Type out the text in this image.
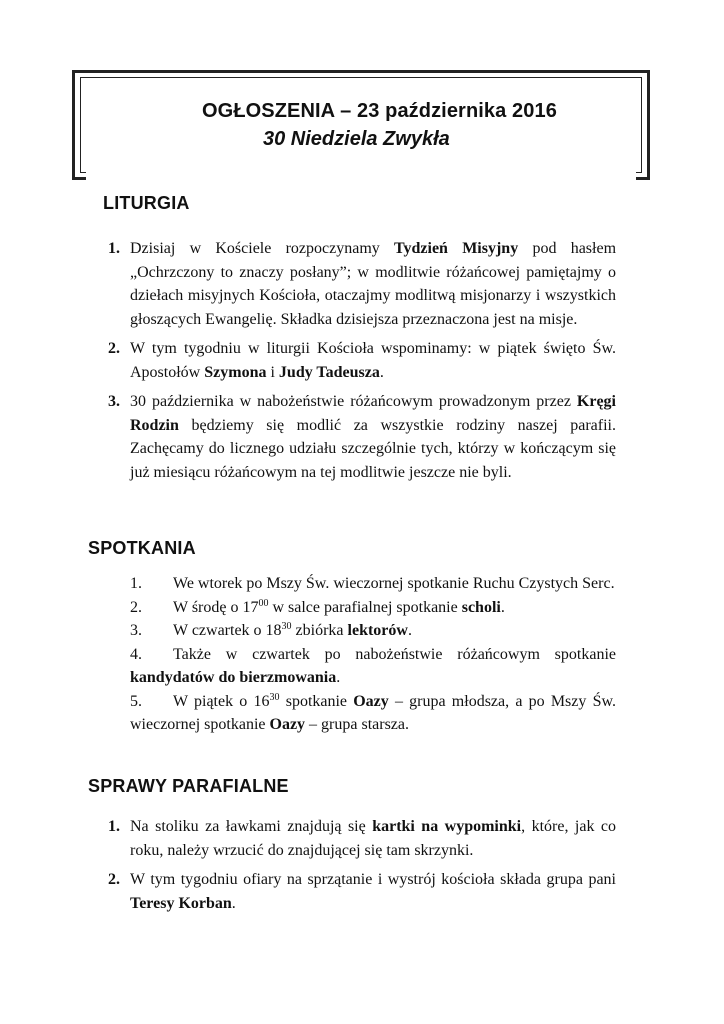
OGŁOSZENIA – 23 października 2016
30 Niedziela Zwykła
LITURGIA
1. Dzisiaj w Kościele rozpoczynamy Tydzień Misyjny pod hasłem „Ochrzczony to znaczy posłany”; w modlitwie różańcowej pamiętajmy o dziełach misyjnych Kościoła, otaczajmy modlitwą misjonarzy i wszystkich głoszących Ewangelię. Składka dzisiejsza przeznaczona jest na misje.
2. W tym tygodniu w liturgii Kościoła wspominamy: w piątek święto Św. Apostołów Szymona i Judy Tadeusza.
3. 30 października w nabożeństwie różańcowym prowadzonym przez Kręgi Rodzin będziemy się modlić za wszystkie rodziny naszej parafii. Zachęcamy do licznego udziału szczególnie tych, którzy w kończącym się już miesiącu różańcowym na tej modlitwie jeszcze nie byli.
SPOTKANIA
1. We wtorek po Mszy Św. wieczornej spotkanie Ruchu Czystych Serc.
2. W środę o $17^{00}$ w salce parafialnej spotkanie scholi.
3. W czwartek o $18^{30}$ zbiórka lektorów.
4. Także w czwartek po nabożeństwie różańcowym spotkanie kandydatów do bierzmowania.
5. W piątek o $16^{30}$ spotkanie Oazy – grupa młodsza, a po Mszy Św. wieczornej spotkanie Oazy – grupa starsza.
SPRAWY PARAFIALNE
1. Na stoliku za ławkami znajdują się kartki na wypominki, które, jak co roku, należy wrzucić do znajdującej się tam skrzynki.
2. W tym tygodniu ofiary na sprzątanie i wystrój kościoła składa grupa pani Teresy Korban.
